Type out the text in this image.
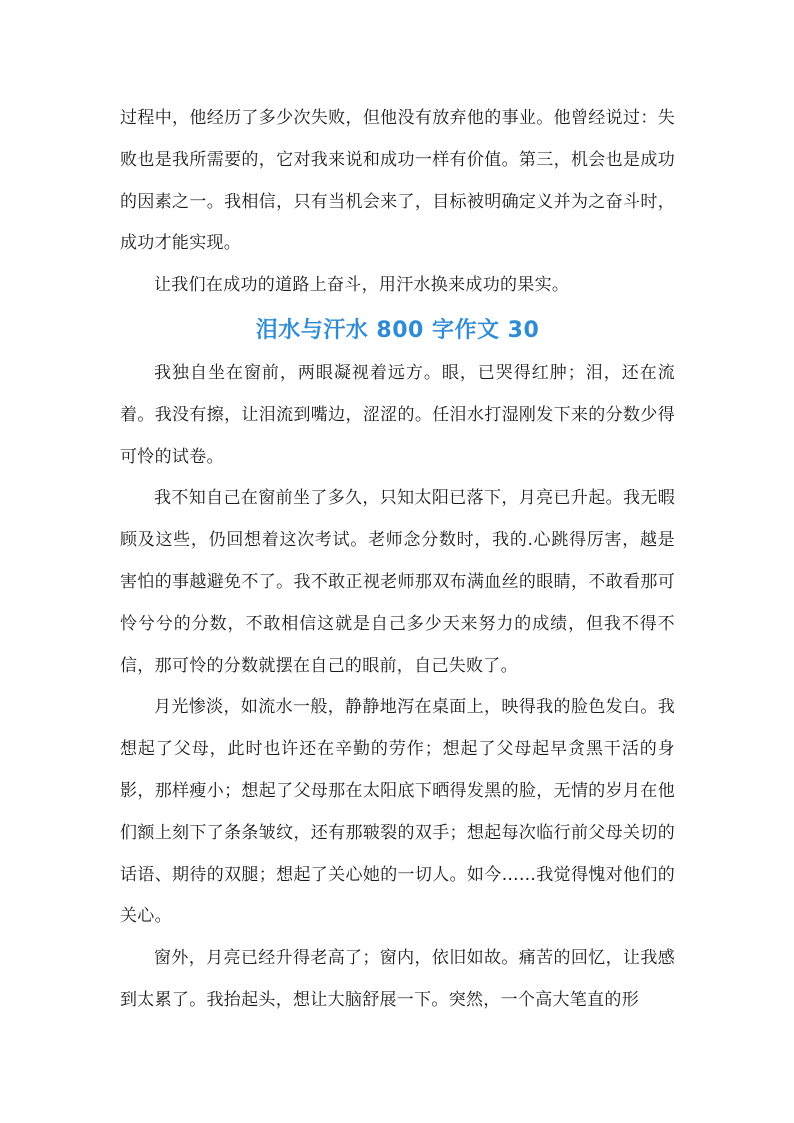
过程中，他经历了多少次失败，但他没有放弃他的事业。他曾经说过：失败也是我所需要的，它对我来说和成功一样有价值。第三，机会也是成功的因素之一。我相信，只有当机会来了，目标被明确定义并为之奋斗时，成功才能实现。

让我们在成功的道路上奋斗，用汗水换来成功的果实。

泪水与汗水 800 字作文 30

我独自坐在窗前，两眼凝视着远方。眼，已哭得红肿；泪，还在流着。我没有擦，让泪流到嘴边，涩涩的。任泪水打湿刚发下来的分数少得可怜的试卷。

我不知自己在窗前坐了多久，只知太阳已落下，月亮已升起。我无暇顾及这些，仍回想着这次考试。老师念分数时，我的.心跳得厉害，越是害怕的事越避免不了。我不敢正视老师那双布满血丝的眼睛，不敢看那可怜兮兮的分数，不敢相信这就是自己多少天来努力的成绩，但我不得不信，那可怜的分数就摆在自己的眼前，自己失败了。

月光惨淡，如流水一般，静静地泻在桌面上，映得我的脸色发白。我想起了父母，此时也许还在辛勤的劳作；想起了父母起早贪黑干活的身影，那样瘦小；想起了父母那在太阳底下晒得发黑的脸，无情的岁月在他们额上刻下了条条皱纹，还有那皲裂的双手；想起每次临行前父母关切的话语、期待的双腿；想起了关心她的一切人。如今……我觉得愧对他们的关心。

窗外，月亮已经升得老高了；窗内，依旧如故。痛苦的回忆，让我感到太累了。我抬起头，想让大脑舒展一下。突然，一个高大笔直的形
